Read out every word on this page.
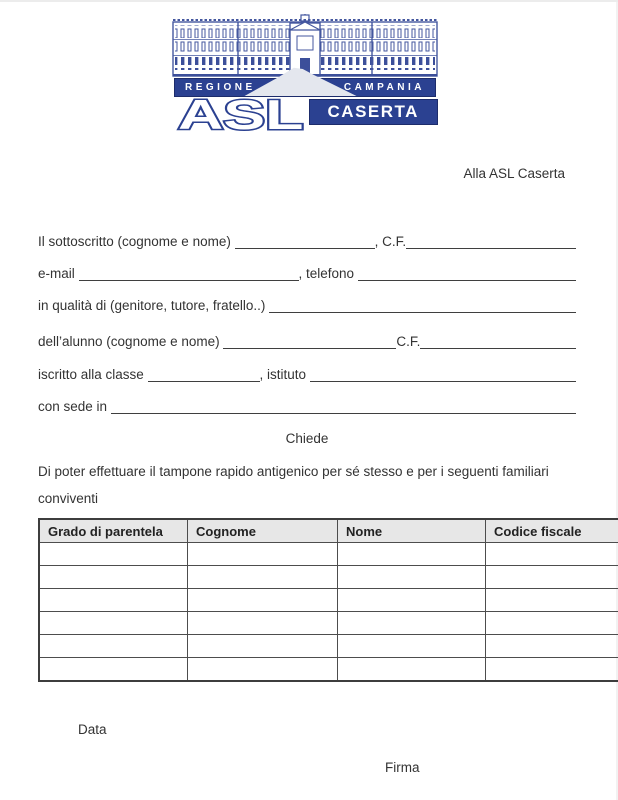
REGIONE	CAMPANIA
ASL CASERTA
Alla ASL Caserta
Il sottoscritto (cognome e nome)	, C.F.
e-mail	, telefono
in qualità di (genitore, tutore, fratello..)
dell’alunno (cognome e nome)	C.F.
iscritto alla classe	, istituto
con sede in
Chiede
Di poter effettuare il tampone rapido antigenico per sé stesso e per i seguenti familiari conviventi
Grado di parentela	Cognome	Nome	Codice fiscale

Data
Firma
